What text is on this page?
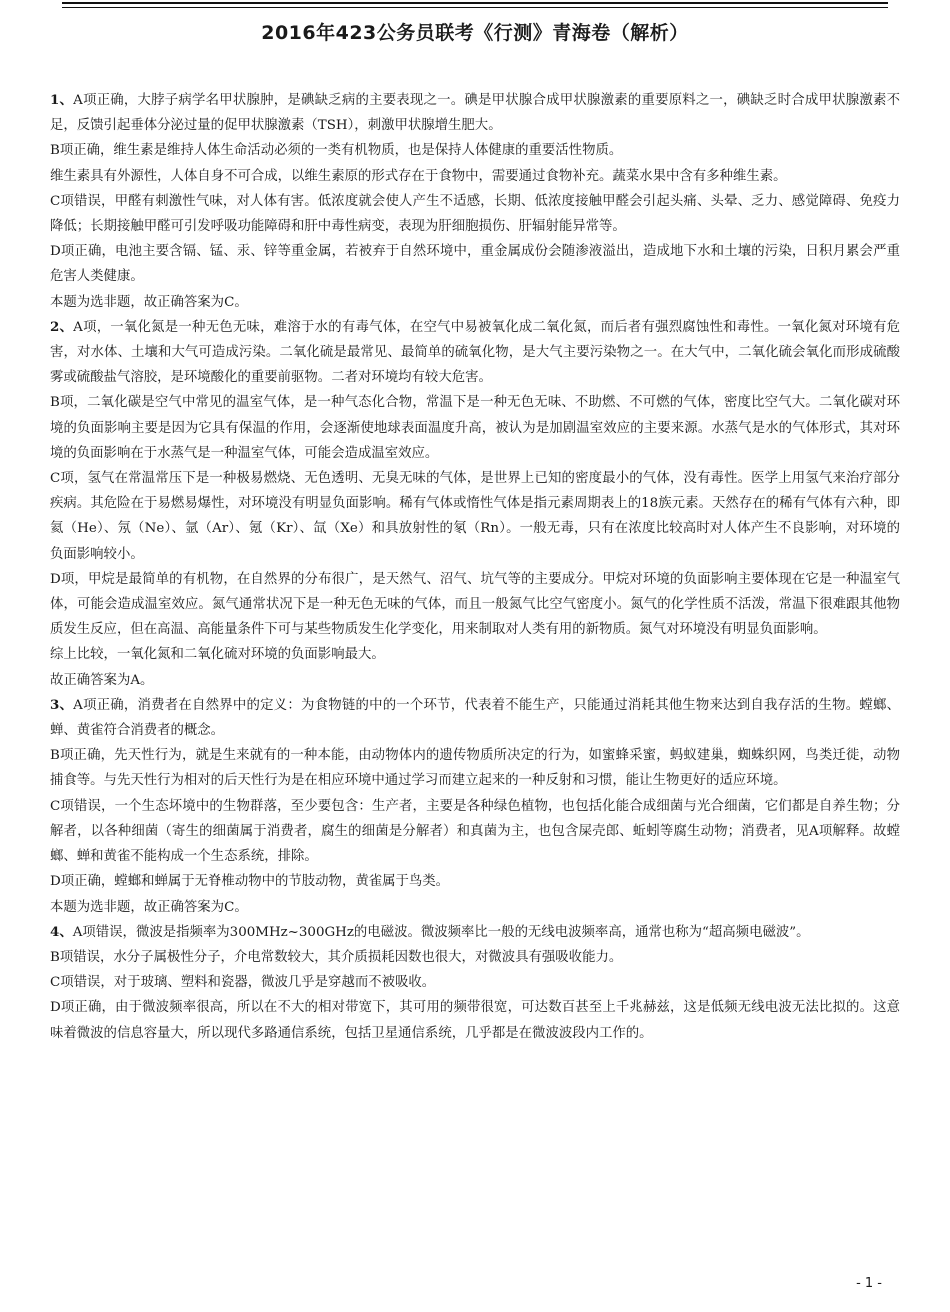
2016年423公务员联考《行测》青海卷（解析）

1、A项正确，大脖子病学名甲状腺肿，是碘缺乏病的主要表现之一。碘是甲状腺合成甲状腺激素的重要原料之一，碘缺乏时合成甲状腺激素不足，反馈引起垂体分泌过量的促甲状腺激素（TSH），刺激甲状腺增生肥大。

B项正确，维生素是维持人体生命活动必须的一类有机物质，也是保持人体健康的重要活性物质。

维生素具有外源性，人体自身不可合成，以维生素原的形式存在于食物中，需要通过食物补充。蔬菜水果中含有多种维生素。

C项错误，甲醛有刺激性气味，对人体有害。低浓度就会使人产生不适感，长期、低浓度接触甲醛会引起头痛、头晕、乏力、感觉障碍、免疫力降低；长期接触甲醛可引发呼吸功能障碍和肝中毒性病变，表现为肝细胞损伤、肝辐射能异常等。

D项正确，电池主要含镉、锰、汞、锌等重金属，若被弃于自然环境中，重金属成份会随渗液溢出，造成地下水和土壤的污染，日积月累会严重危害人类健康。

本题为选非题，故正确答案为C。

2、A项，一氧化氮是一种无色无味，难溶于水的有毒气体，在空气中易被氧化成二氧化氮，而后者有强烈腐蚀性和毒性。一氧化氮对环境有危害，对水体、土壤和大气可造成污染。二氧化硫是最常见、最简单的硫氧化物，是大气主要污染物之一。在大气中，二氧化硫会氧化而形成硫酸雾或硫酸盐气溶胶，是环境酸化的重要前驱物。二者对环境均有较大危害。

B项，二氧化碳是空气中常见的温室气体，是一种气态化合物，常温下是一种无色无味、不助燃、不可燃的气体，密度比空气大。二氧化碳对环境的负面影响主要是因为它具有保温的作用，会逐渐使地球表面温度升高，被认为是加剧温室效应的主要来源。水蒸气是水的气体形式，其对环境的负面影响在于水蒸气是一种温室气体，可能会造成温室效应。

C项，氢气在常温常压下是一种极易燃烧、无色透明、无臭无味的气体，是世界上已知的密度最小的气体，没有毒性。医学上用氢气来治疗部分疾病。其危险在于易燃易爆性，对环境没有明显负面影响。稀有气体或惰性气体是指元素周期表上的18族元素。天然存在的稀有气体有六种，即氦（He）、氖（Ne）、氩（Ar）、氪（Kr）、氙（Xe）和具放射性的氡（Rn）。一般无毒，只有在浓度比较高时对人体产生不良影响，对环境的负面影响较小。

D项，甲烷是最简单的有机物，在自然界的分布很广，是天然气、沼气、坑气等的主要成分。甲烷对环境的负面影响主要体现在它是一种温室气体，可能会造成温室效应。氮气通常状况下是一种无色无味的气体，而且一般氮气比空气密度小。氮气的化学性质不活泼，常温下很难跟其他物质发生反应，但在高温、高能量条件下可与某些物质发生化学变化，用来制取对人类有用的新物质。氮气对环境没有明显负面影响。

综上比较，一氧化氮和二氧化硫对环境的负面影响最大。

故正确答案为A。

3、A项正确，消费者在自然界中的定义：为食物链的中的一个环节，代表着不能生产，只能通过消耗其他生物来达到自我存活的生物。螳螂、蝉、黄雀符合消费者的概念。

B项正确，先天性行为，就是生来就有的一种本能，由动物体内的遗传物质所决定的行为，如蜜蜂采蜜，蚂蚁建巢，蜘蛛织网，鸟类迁徙，动物捕食等。与先天性行为相对的后天性行为是在相应环境中通过学习而建立起来的一种反射和习惯，能让生物更好的适应环境。

C项错误，一个生态坏境中的生物群落，至少要包含：生产者，主要是各种绿色植物，也包括化能合成细菌与光合细菌，它们都是自养生物；分解者，以各种细菌（寄生的细菌属于消费者，腐生的细菌是分解者）和真菌为主，也包含屎壳郎、蚯蚓等腐生动物；消费者，见A项解释。故螳螂、蝉和黄雀不能构成一个生态系统，排除。

D项正确，螳螂和蝉属于无脊椎动物中的节肢动物，黄雀属于鸟类。

本题为选非题，故正确答案为C。

4、A项错误，微波是指频率为300MHz~300GHz的电磁波。微波频率比一般的无线电波频率高，通常也称为“超高频电磁波”。

B项错误，水分子属极性分子，介电常数较大，其介质损耗因数也很大，对微波具有强吸收能力。

C项错误，对于玻璃、塑料和瓷器，微波几乎是穿越而不被吸收。

D项正确，由于微波频率很高，所以在不大的相对带宽下，其可用的频带很宽，可达数百甚至上千兆赫兹，这是低频无线电波无法比拟的。这意味着微波的信息容量大，所以现代多路通信系统，包括卫星通信系统，几乎都是在微波波段内工作的。

- 1 -
